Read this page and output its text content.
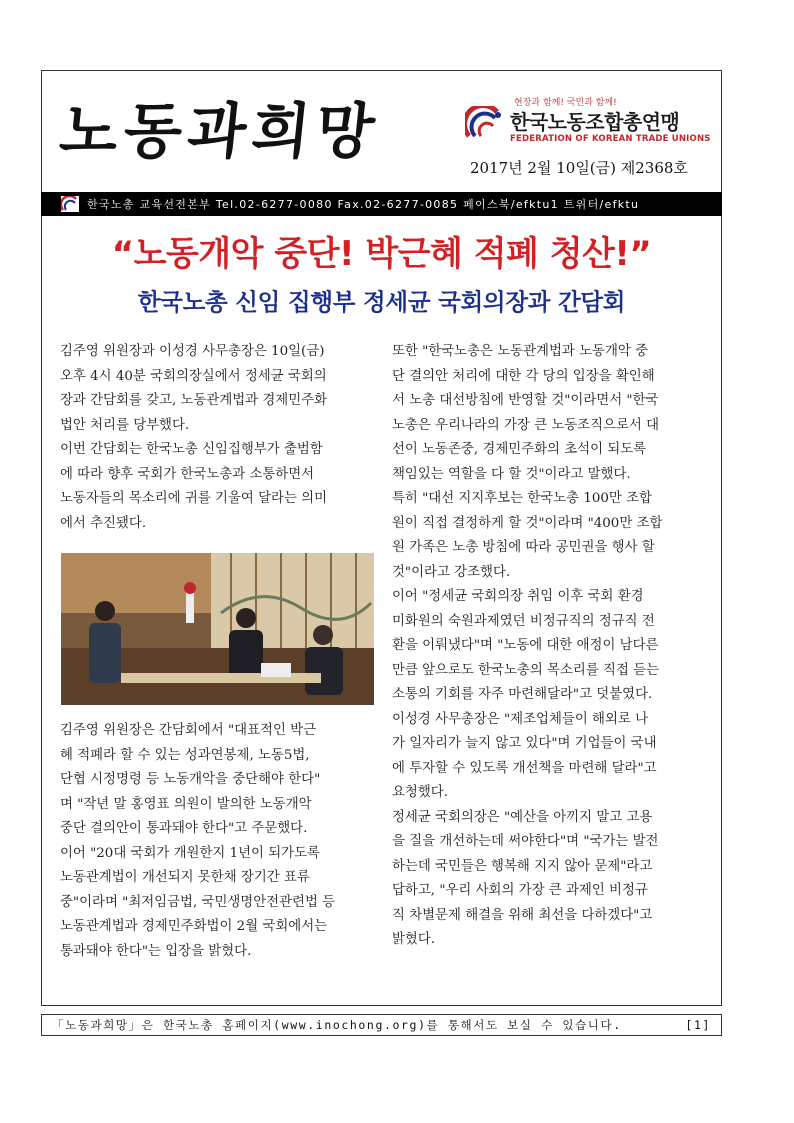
노동과희망	현장과 함께! 국민과 함께!
한국노동조합총연맹
FEDERATION OF KOREAN TRADE UNIONS
2017년 2월 10일(금) 제2368호
한국노총 교육선전본부 Tel.02-6277-0080 Fax.02-6277-0085 페이스북/efktu1 트위터/efktu
“노동개악 중단! 박근혜 적폐 청산!”
한국노총 신임 집행부 정세균 국회의장과 간담회
김주영 위원장과 이성경 사무총장은 10일(금)
오후 4시 40분 국회의장실에서 정세균 국회의
장과 간담회를 갖고, 노동관계법과 경제민주화
법안 처리를 당부했다.
이번 간담회는 한국노총 신임집행부가 출범함
에 따라 향후 국회가 한국노총과 소통하면서
노동자들의 목소리에 귀를 기울여 달라는 의미
에서 추진됐다.
김주영 위원장은 간담회에서 "대표적인 박근
혜 적폐라 할 수 있는 성과연봉제, 노동5법,
단협 시정명령 등 노동개악을 중단해야 한다"
며 "작년 말 홍영표 의원이 발의한 노동개악
중단 결의안이 통과돼야 한다"고 주문했다.
이어 "20대 국회가 개원한지 1년이 되가도록
노동관계법이 개선되지 못한채 장기간 표류
중"이라며 "최저임금법, 국민생명안전관련법 등
노동관계법과 경제민주화법이 2월 국회에서는
통과돼야 한다"는 입장을 밝혔다.
또한 "한국노총은 노동관계법과 노동개악 중
단 결의안 처리에 대한 각 당의 입장을 확인해
서 노총 대선방침에 반영할 것"이라면서 "한국
노총은 우리나라의 가장 큰 노동조직으로서 대
선이 노동존중, 경제민주화의 초석이 되도록
책임있는 역할을 다 할 것"이라고 말했다.
특히 "대선 지지후보는 한국노총 100만 조합
원이 직접 결정하게 할 것"이라며 "400만 조합
원 가족은 노총 방침에 따라 공민권을 행사 할
것"이라고 강조했다.
이어 "정세균 국회의장 취임 이후 국회 환경
미화원의 숙원과제였던 비정규직의 정규직 전
환을 이뤄냈다"며 "노동에 대한 애정이 남다른
만큼 앞으로도 한국노총의 목소리를 직접 듣는
소통의 기회를 자주 마련해달라"고 덧붙였다.
이성경 사무총장은 "제조업체들이 해외로 나
가 일자리가 늘지 않고 있다"며 기업들이 국내
에 투자할 수 있도록 개선책을 마련해 달라"고
요청했다.
정세균 국회의장은 "예산을 아끼지 말고 고용
을 질을 개선하는데 써야한다"며 "국가는 발전
하는데 국민들은 행복해 지지 않아 문제"라고
답하고, "우리 사회의 가장 큰 과제인 비정규
직 차별문제 해결을 위해 최선을 다하겠다"고
밝혔다.
「노동과희망」은 한국노총 홈페이지(www.inochong.org)를 통해서도 보실 수 있습니다.	[1]
